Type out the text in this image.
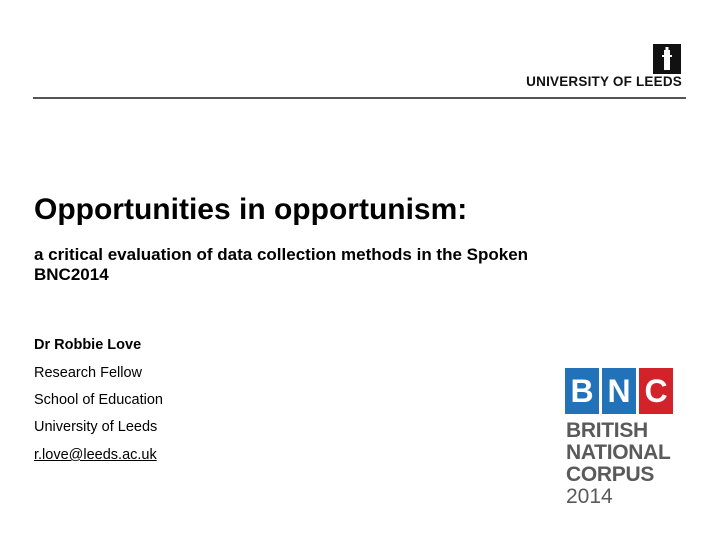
UNIVERSITY OF LEEDS
Opportunities in opportunism:

a critical evaluation of data collection methods in the Spoken BNC2014

Dr Robbie Love
Research Fellow
School of Education
University of Leeds
r.love@leeds.ac.uk
B N C
BRITISH
NATIONAL
CORPUS
2014
